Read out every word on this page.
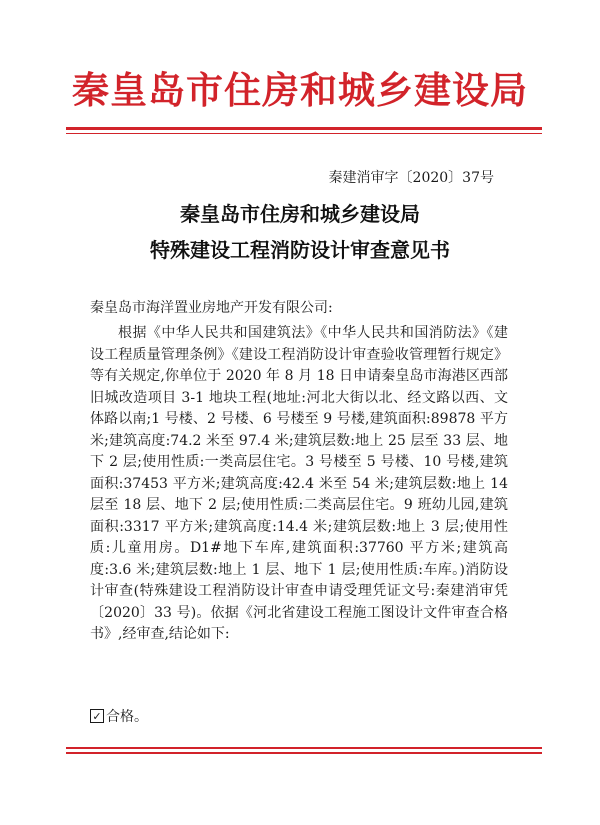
秦皇岛市住房和城乡建设局
秦建消审字〔2020〕37号
秦皇岛市住房和城乡建设局
特殊建设工程消防设计审查意见书
秦皇岛市海洋置业房地产开发有限公司:

根据《中华人民共和国建筑法》《中华人民共和国消防法》《建设工程质量管理条例》《建设工程消防设计审查验收管理暂行规定》等有关规定,你单位于 2020 年 8 月 18 日申请秦皇岛市海港区西部旧城改造项目 3-1 地块工程(地址:河北大街以北、经文路以西、文体路以南;1 号楼、2 号楼、6 号楼至 9 号楼,建筑面积:89878 平方米;建筑高度:74.2 米至 97.4 米;建筑层数:地上 25 层至 33 层、地下 2 层;使用性质:一类高层住宅。3 号楼至 5 号楼、10 号楼,建筑面积:37453 平方米;建筑高度:42.4 米至 54 米;建筑层数:地上 14 层至 18 层、地下 2 层;使用性质:二类高层住宅。9 班幼儿园,建筑面积:3317 平方米;建筑高度:14.4 米;建筑层数:地上 3 层;使用性质:儿童用房。D1#地下车库,建筑面积:37760 平方米;建筑高度:3.6 米;建筑层数:地上 1 层、地下 1 层;使用性质:车库。)消防设计审查(特殊建设工程消防设计审查申请受理凭证文号:秦建消审凭〔2020〕33 号)。依据《河北省建设工程施工图设计文件审查合格书》,经审查,结论如下:

✓ 合格。
